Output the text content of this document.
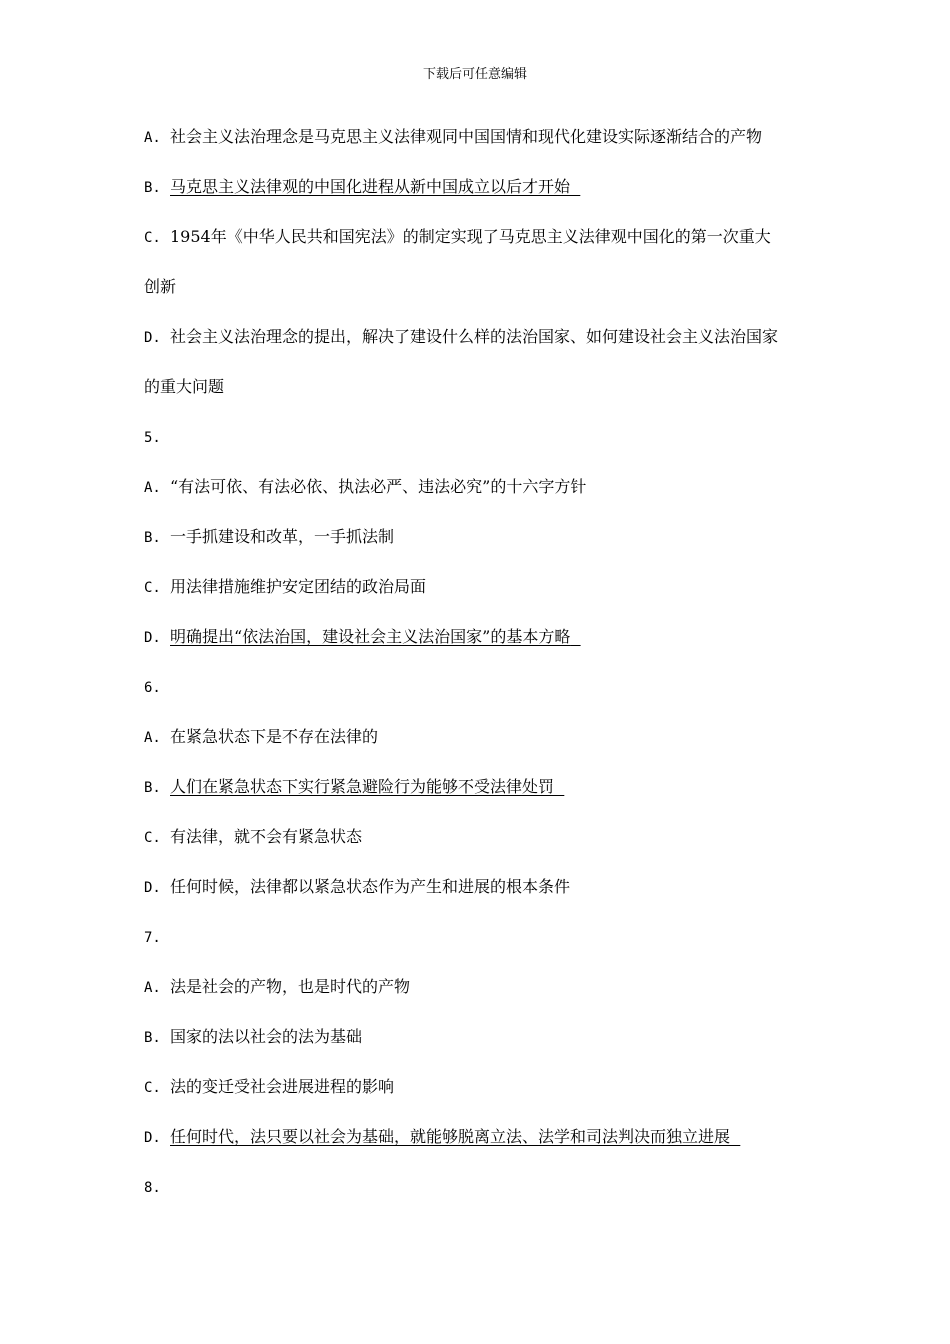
下载后可任意编辑
A. 社会主义法治理念是马克思主义法律观同中国国情和现代化建设实际逐渐结合的产物
B. 马克思主义法律观的中国化进程从新中国成立以后才开始
C. 1954年《中华人民共和国宪法》的制定实现了马克思主义法律观中国化的第一次重大
创新
D. 社会主义法治理念的提出，解决了建设什么样的法治国家、如何建设社会主义法治国家
的重大问题
5.
A. “有法可依、有法必依、执法必严、违法必究”的十六字方针
B. 一手抓建设和改革，一手抓法制
C. 用法律措施维护安定团结的政治局面
D. 明确提出“依法治国，建设社会主义法治国家”的基本方略
6.
A. 在紧急状态下是不存在法律的
B. 人们在紧急状态下实行紧急避险行为能够不受法律处罚
C. 有法律，就不会有紧急状态
D. 任何时候，法律都以紧急状态作为产生和进展的根本条件
7.
A. 法是社会的产物，也是时代的产物
B. 国家的法以社会的法为基础
C. 法的变迁受社会进展进程的影响
D. 任何时代，法只要以社会为基础，就能够脱离立法、法学和司法判决而独立进展
8.
